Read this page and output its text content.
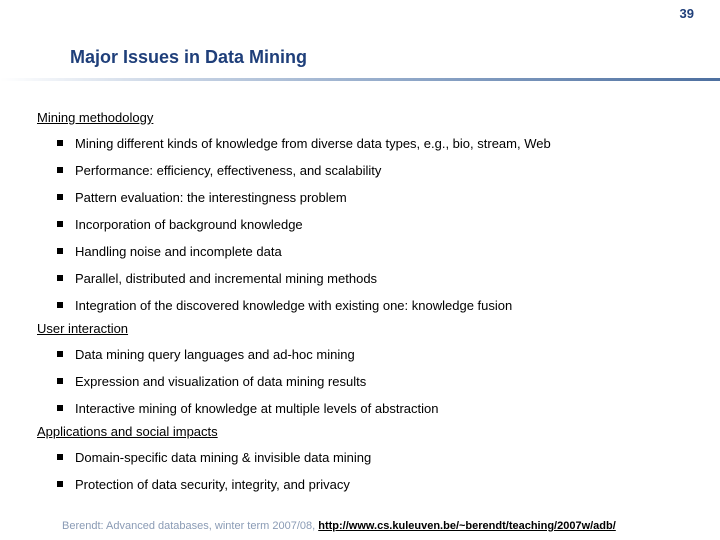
39
Major Issues in Data Mining
Mining methodology
Mining different kinds of knowledge from diverse data types, e.g., bio, stream, Web
Performance: efficiency, effectiveness, and scalability
Pattern evaluation: the interestingness problem
Incorporation of background knowledge
Handling noise and incomplete data
Parallel, distributed and incremental mining methods
Integration of the discovered knowledge with existing one: knowledge fusion
User interaction
Data mining query languages and ad-hoc mining
Expression and visualization of data mining results
Interactive mining of knowledge at multiple levels of abstraction
Applications and social impacts
Domain-specific data mining & invisible data mining
Protection of data security, integrity, and privacy
Berendt: Advanced databases, winter term 2007/08, http://www.cs.kuleuven.be/~berendt/teaching/2007w/adb/
